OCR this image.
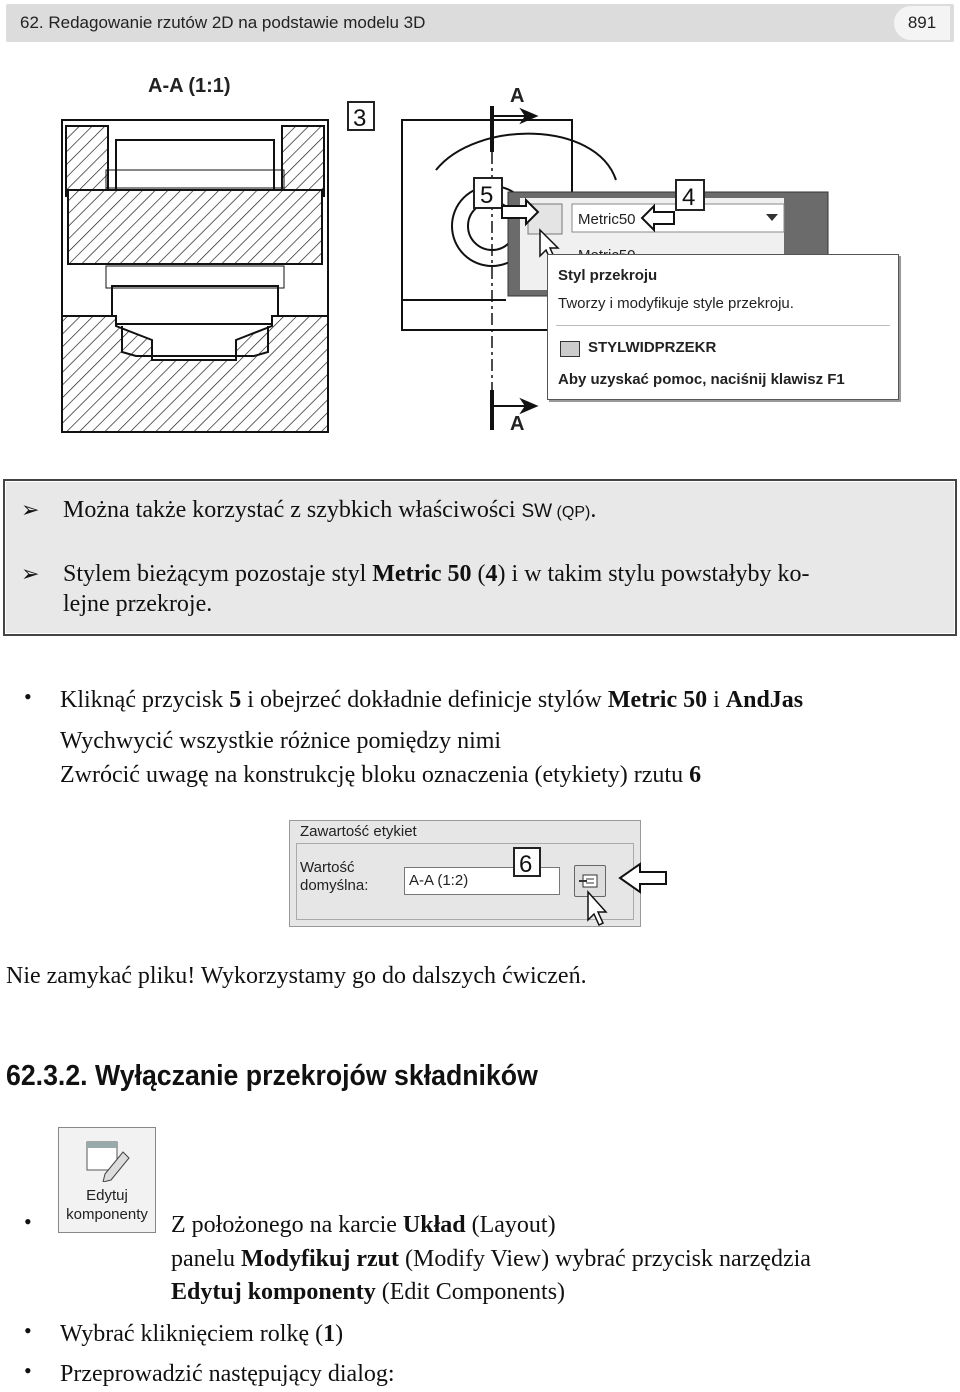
62. Redagowanie rzutów 2D na podstawie modelu 3D	891
A-A (1:1)
3
A
A
Metric50
5	4
Styl przekroju
Tworzy i modyfikuje style przekroju.
STYLWIDPRZEKR
Aby uzyskać pomoc, naciśnij klawisz F1
➢ Można także korzystać z szybkich właściwości SW (QP).
➢ Stylem bieżącym pozostaje styl Metric 50 (4) i w takim stylu powstałyby ko-
lejne przekroje.
• Kliknąć przycisk 5 i obejrzeć dokładnie definicje stylów Metric 50 i AndJas
Wychwycić wszystkie różnice pomiędzy nimi
Zwrócić uwagę na konstrukcję bloku oznaczenia (etykiety) rzutu 6
Zawartość etykiet
Wartość
domyślna:	A-A (1:2)
6
Nie zamykać pliku! Wykorzystamy go do dalszych ćwiczeń.
62.3.2. Wyłączanie przekrojów składników
Edytuj
komponenty
•	Z położonego na karcie Układ (Layout)
panelu Modyfikuj rzut (Modify View) wybrać przycisk narzędzia
Edytuj komponenty (Edit Components)
• Wybrać kliknięciem rolkę (1)
• Przeprowadzić następujący dialog:
